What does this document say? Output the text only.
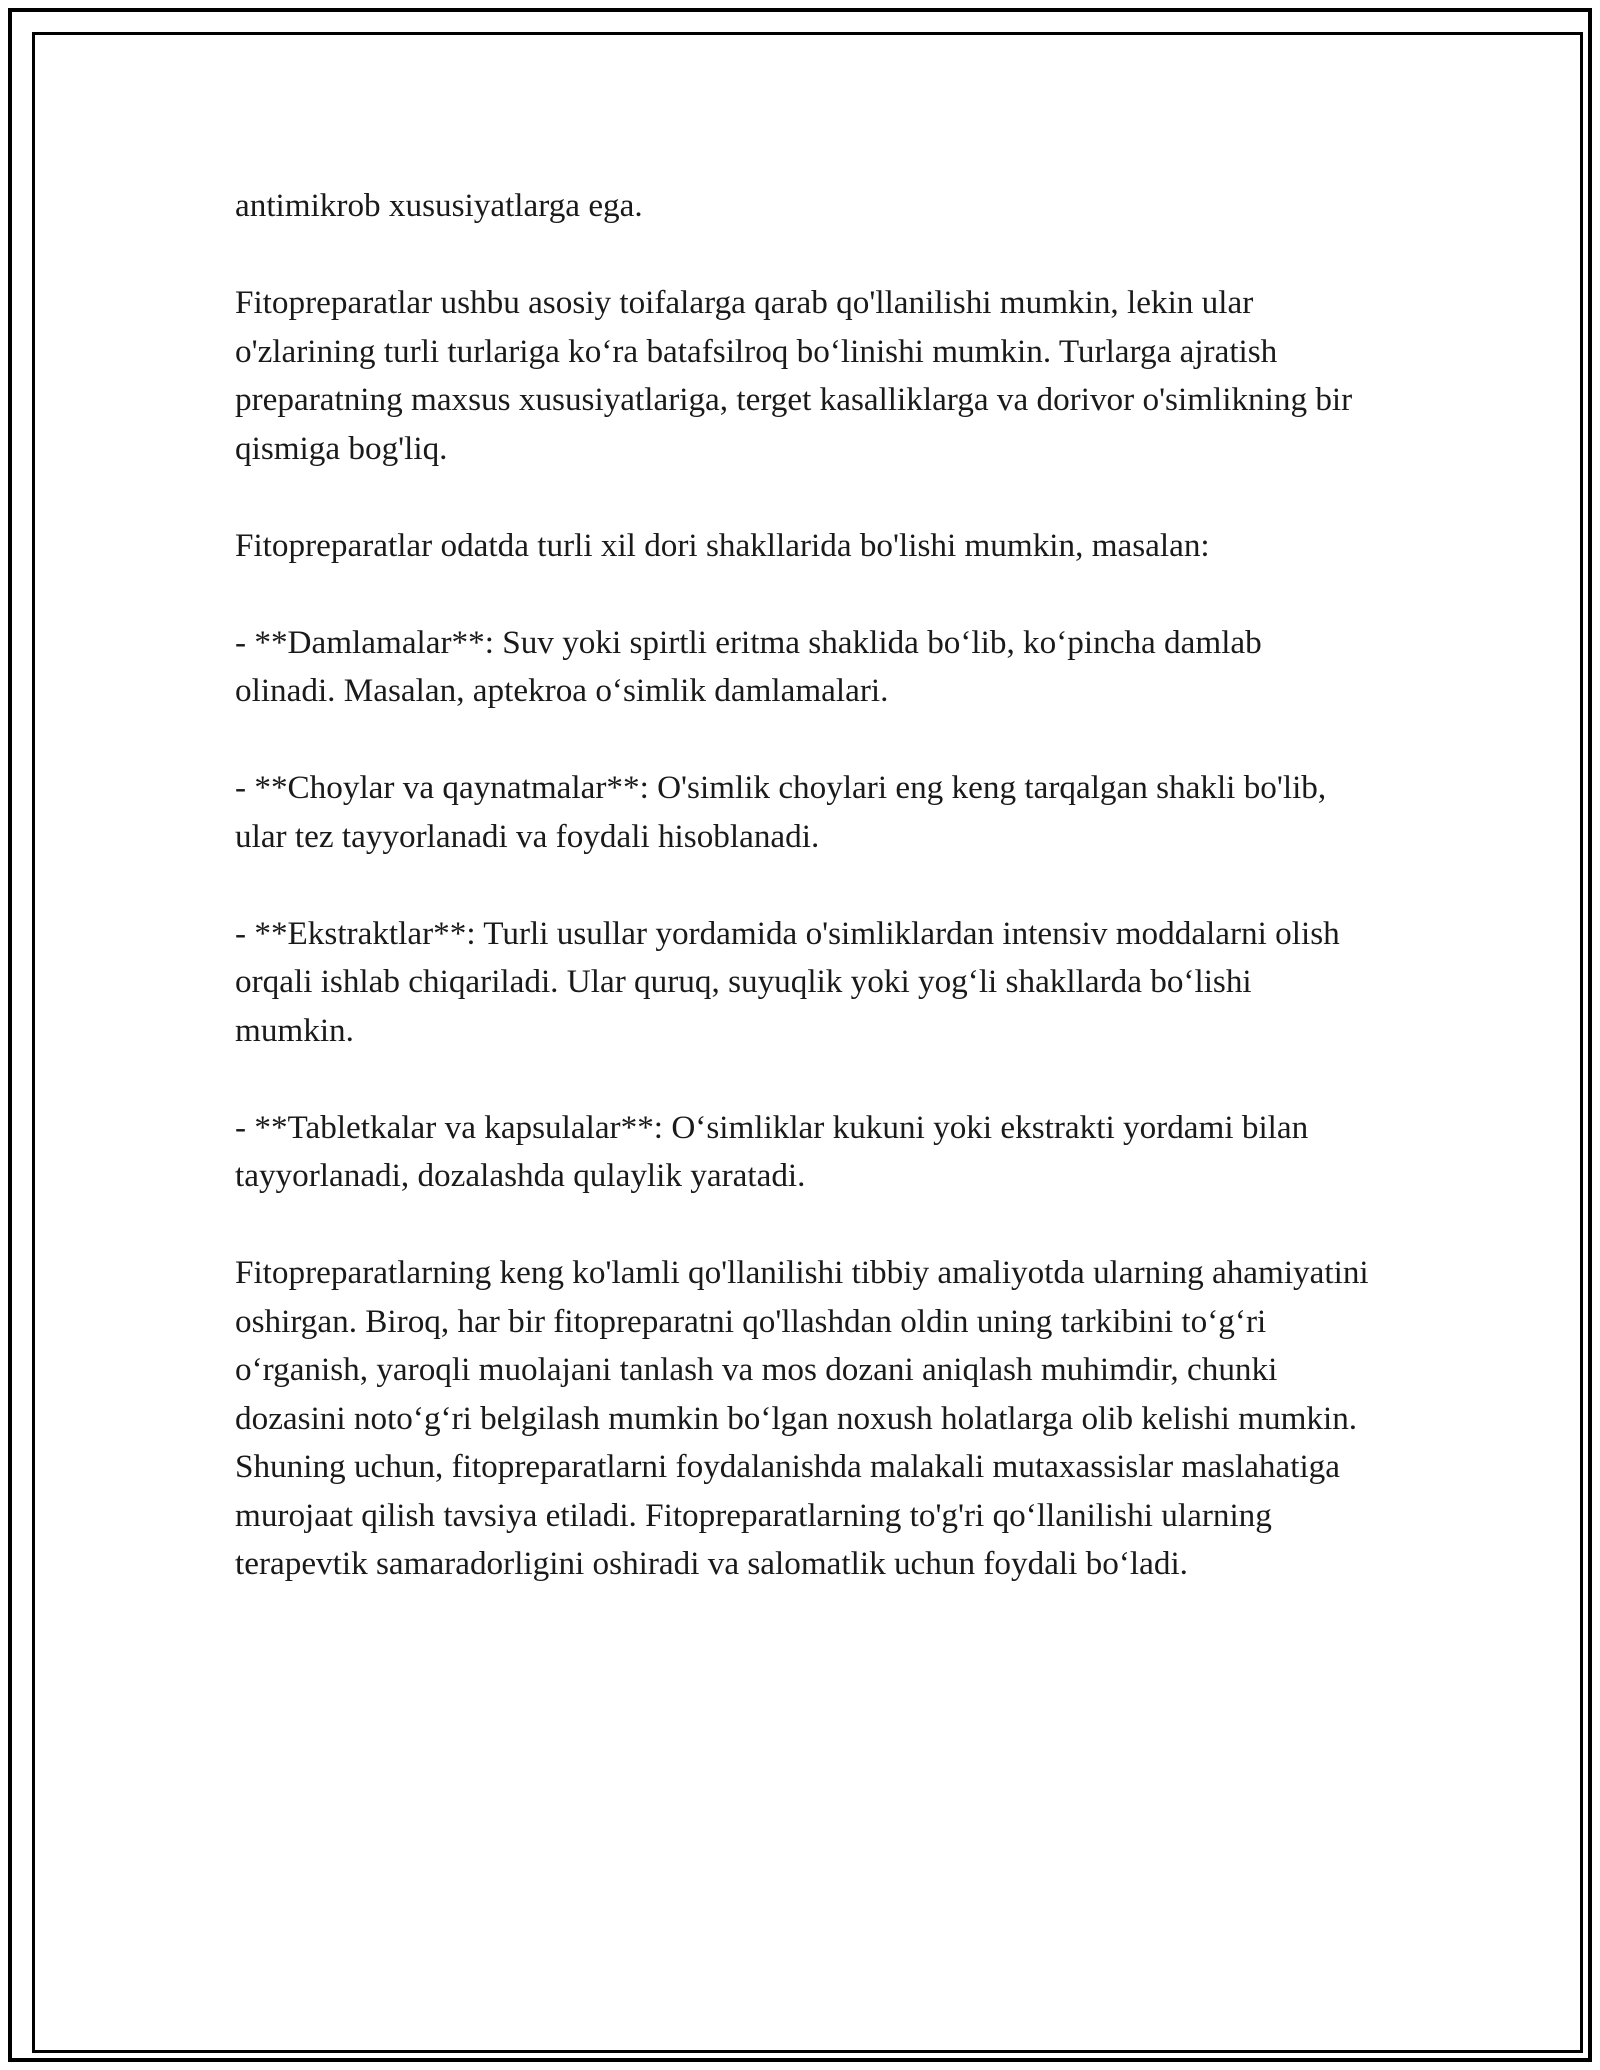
antimikrob xususiyatlarga ega.

Fitopreparatlar ushbu asosiy toifalarga qarab qo'llanilishi mumkin, lekin ular o'zlarining turli turlariga ko‘ra batafsilroq bo‘linishi mumkin. Turlarga ajratish preparatning maxsus xususiyatlariga, terget kasalliklarga va dorivor o'simlikning bir qismiga bog'liq.

Fitopreparatlar odatda turli xil dori shakllarida bo'lishi mumkin, masalan:

- **Damlamalar**: Suv yoki spirtli eritma shaklida bo‘lib, ko‘pincha damlab olinadi. Masalan, aptekroa o‘simlik damlamalari.

- **Choylar va qaynatmalar**: O'simlik choylari eng keng tarqalgan shakli bo'lib, ular tez tayyorlanadi va foydali hisoblanadi.

- **Ekstraktlar**: Turli usullar yordamida o'simliklardan intensiv moddalarni olish orqali ishlab chiqariladi. Ular quruq, suyuqlik yoki yog‘li shakllarda bo‘lishi mumkin.

- **Tabletkalar va kapsulalar**: O‘simliklar kukuni yoki ekstrakti yordami bilan tayyorlanadi, dozalashda qulaylik yaratadi.

Fitopreparatlarning keng ko'lamli qo'llanilishi tibbiy amaliyotda ularning ahamiyatini oshirgan. Biroq, har bir fitopreparatni qo'llashdan oldin uning tarkibini to‘g‘ri o‘rganish, yaroqli muolajani tanlash va mos dozani aniqlash muhimdir, chunki dozasini noto‘g‘ri belgilash mumkin bo‘lgan noxush holatlarga olib kelishi mumkin. Shuning uchun, fitopreparatlarni foydalanishda malakali mutaxassislar maslahatiga murojaat qilish tavsiya etiladi. Fitopreparatlarning to'g'ri qo‘llanilishi ularning terapevtik samaradorligini oshiradi va salomatlik uchun foydali bo‘ladi.
